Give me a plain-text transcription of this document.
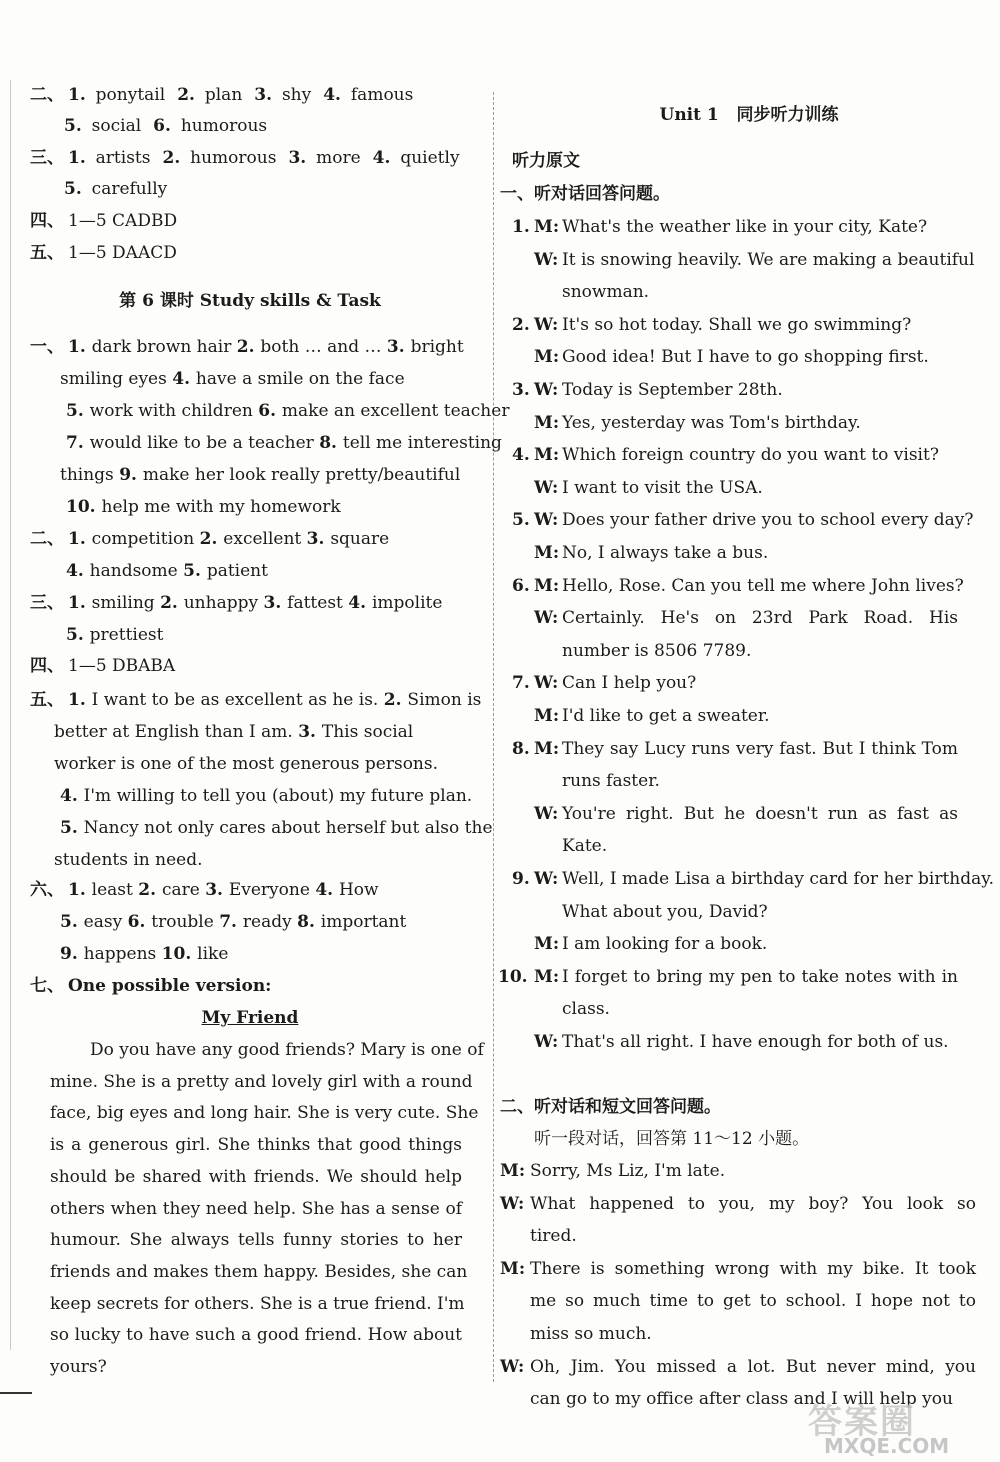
二、 1. ponytail 2. plan 3. shy 4. famous
5. social 6. humorous
三、 1. artists 2. humorous 3. more 4. quietly
5. carefully
四、 1—5 CADBD
五、 1—5 DAACD
第 6 课时 Study skills & Task
一、 1. dark brown hair 2. both … and … 3. bright
smiling eyes 4. have a smile on the face
5. work with children 6. make an excellent teacher
7. would like to be a teacher 8. tell me interesting
things 9. make her look really pretty/beautiful
10. help me with my homework
二、 1. competition 2. excellent 3. square
4. handsome 5. patient
三、 1. smiling 2. unhappy 3. fattest 4. impolite
5. prettiest
四、 1—5 DBABA
五、 1. I want to be as excellent as he is. 2. Simon is
better at English than I am. 3. This social
worker is one of the most generous persons.
4. I'm willing to tell you (about) my future plan.
5. Nancy not only cares about herself but also the
students in need.
六、 1. least 2. care 3. Everyone 4. How
5. easy 6. trouble 7. ready 8. important
9. happens 10. like
七、 One possible version:
My Friend
Do you have any good friends? Mary is one of
mine. She is a pretty and lovely girl with a round
face, big eyes and long hair. She is very cute. She
is a generous girl. She thinks that good things
should be shared with friends. We should help
others when they need help. She has a sense of
humour. She always tells funny stories to her
friends and makes them happy. Besides, she can
keep secrets for others. She is a true friend. I'm
so lucky to have such a good friend. How about
yours?
Unit 1   同步听力训练
听力原文
一、听对话回答问题。
1. M: What's the weather like in your city, Kate?
W: It is snowing heavily. We are making a beautiful
snowman.
2. W: It's so hot today. Shall we go swimming?
M: Good idea! But I have to go shopping first.
3. W: Today is September 28th.
M: Yes, yesterday was Tom's birthday.
4. M: Which foreign country do you want to visit?
W: I want to visit the USA.
5. W: Does your father drive you to school every day?
M: No, I always take a bus.
6. M: Hello, Rose. Can you tell me where John lives?
W: Certainly. He's on 23rd Park Road. His
number is 8506 7789.
7. W: Can I help you?
M: I'd like to get a sweater.
8. M: They say Lucy runs very fast. But I think Tom
runs faster.
W: You're right. But he doesn't run as fast as
Kate.
9. W: Well, I made Lisa a birthday card for her birthday.
What about you, David?
M: I am looking for a book.
10. M: I forget to bring my pen to take notes with in
class.
W: That's all right. I have enough for both of us.
二、听对话和短文回答问题。
听一段对话，回答第 11～12 小题。
M: Sorry, Ms Liz, I'm late.
W: What happened to you, my boy? You look so
tired.
M: There is something wrong with my bike. It took
me so much time to get to school. I hope not to
miss so much.
W: Oh, Jim. You missed a lot. But never mind, you
can go to my office after class and I will help you
答案圈
MXQE.COM
